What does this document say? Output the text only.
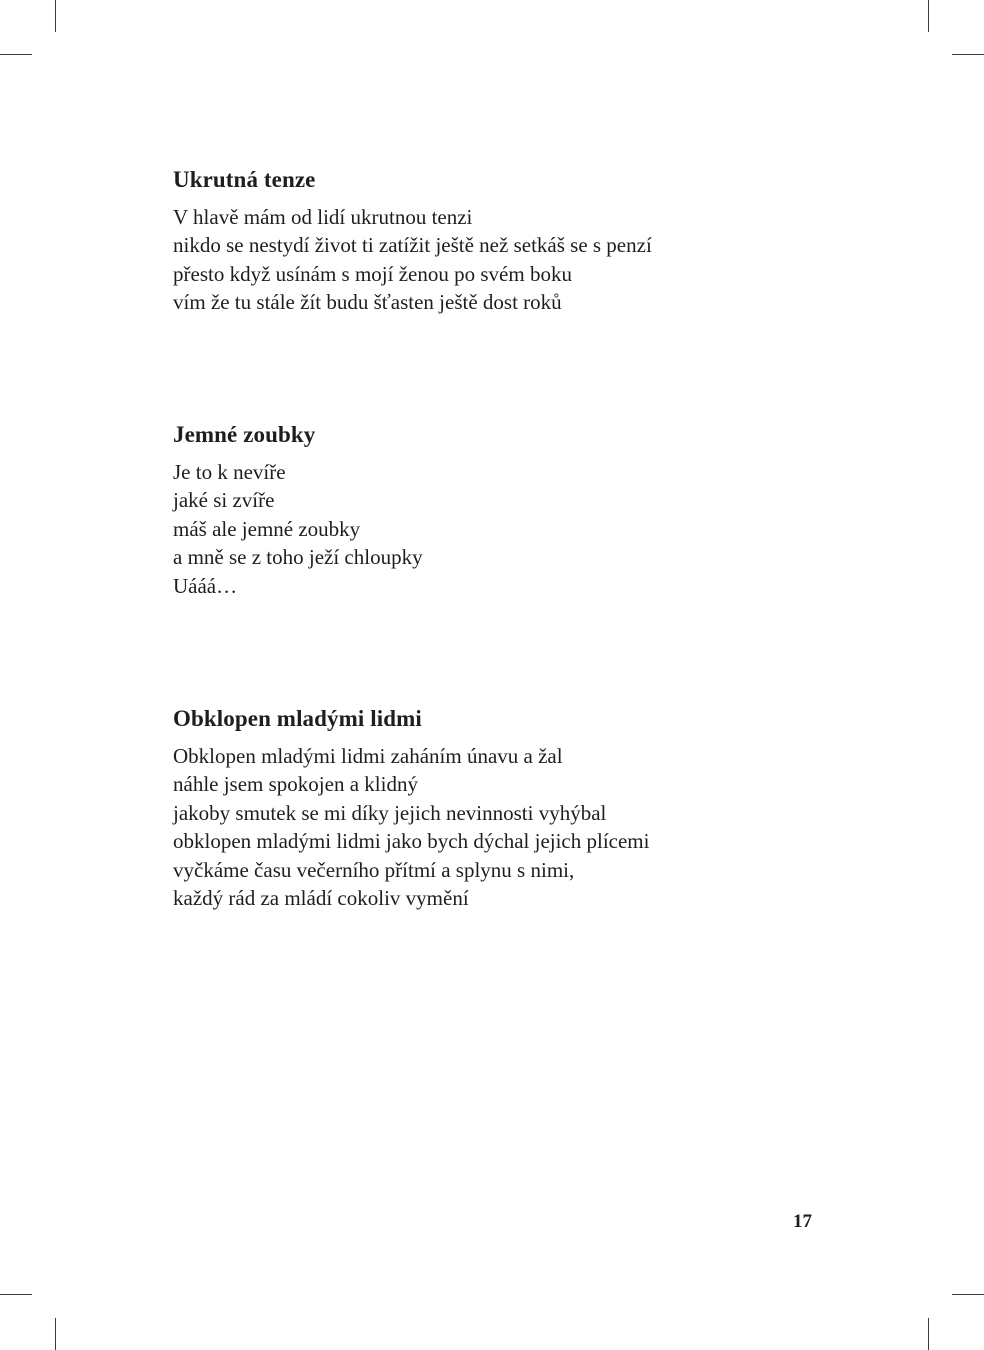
Ukrutná tenze
V hlavě mám od lidí ukrutnou tenzi
nikdo se nestydí život ti zatížit ještě než setkáš se s penzí
přesto když usínám s mojí ženou po svém boku
vím že tu stále žít budu šťasten ještě dost roků
Jemné zoubky
Je to k nevíře
jaké si zvíře
máš ale jemné zoubky
a mně se z toho ježí chloupky
Uááá…
Obklopen mladými lidmi
Obklopen mladými lidmi zaháním únavu a žal
náhle jsem spokojen a klidný
jakoby smutek se mi díky jejich nevinnosti vyhýbal
obklopen mladými lidmi jako bych dýchal jejich plícemi
vyčkáme času večerního přítmí a splynu s nimi,
každý rád za mládí cokoliv vymění
17
